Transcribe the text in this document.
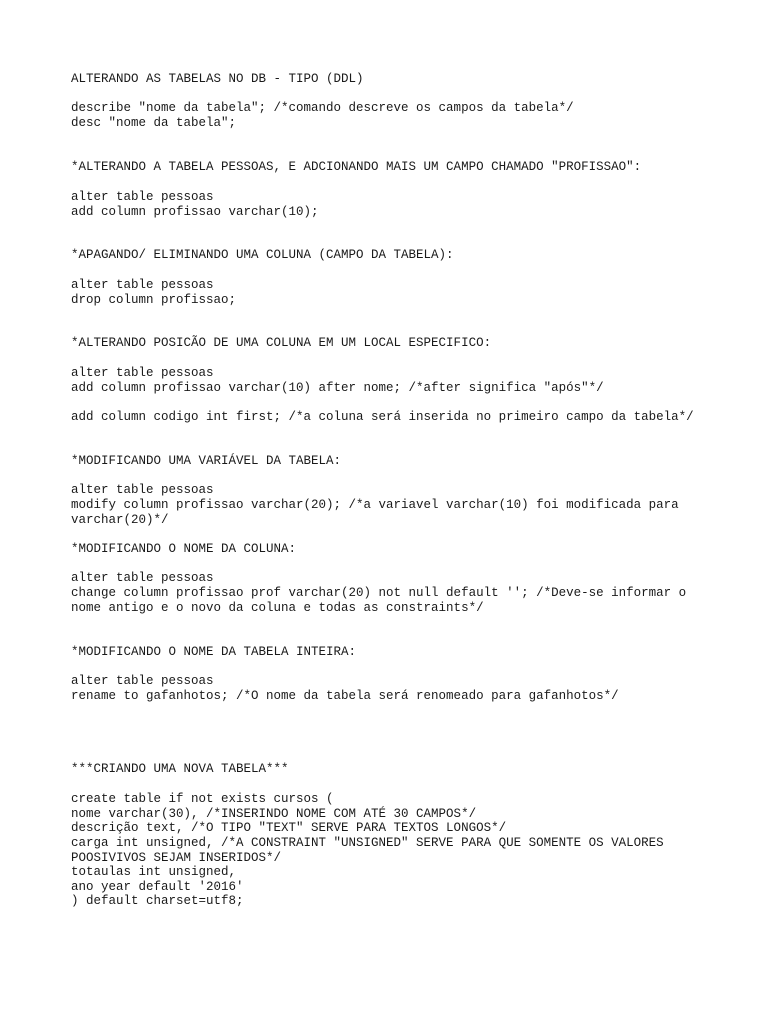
ALTERANDO AS TABELAS NO DB - TIPO (DDL)

describe "nome da tabela"; /*comando descreve os campos da tabela*/

desc "nome da tabela";

*ALTERANDO A TABELA PESSOAS, E ADCIONANDO MAIS UM CAMPO CHAMADO "PROFISSAO":

alter table pessoas

add column profissao varchar(10);

*APAGANDO/ ELIMINANDO UMA COLUNA (CAMPO DA TABELA):

alter table pessoas

drop column profissao;

*ALTERANDO POSICÃO DE UMA COLUNA EM UM LOCAL ESPECIFICO:

alter table pessoas

add column profissao varchar(10) after nome; /*after significa "após"*/

add column codigo int first; /*a coluna será inserida no primeiro campo da tabela*/

*MODIFICANDO UMA VARIÁVEL DA TABELA:

alter table pessoas

modify column profissao varchar(20); /*a variavel varchar(10) foi modificada para

varchar(20)*/

*MODIFICANDO O NOME DA COLUNA:

alter table pessoas

change column profissao prof varchar(20) not null default ''; /*Deve-se informar o

nome antigo e o novo da coluna e todas as constraints*/

*MODIFICANDO O NOME DA TABELA INTEIRA:

alter table pessoas

rename to gafanhotos; /*O nome da tabela será renomeado para gafanhotos*/

***CRIANDO UMA NOVA TABELA***

create table if not exists cursos (

nome varchar(30), /*INSERINDO NOME COM ATÉ 30 CAMPOS*/

descrição text, /*O TIPO "TEXT" SERVE PARA TEXTOS LONGOS*/

carga int unsigned, /*A CONSTRAINT "UNSIGNED" SERVE PARA QUE SOMENTE OS VALORES

POOSIVIVOS SEJAM INSERIDOS*/

totaulas int unsigned,

ano year default '2016'

) default charset=utf8;
